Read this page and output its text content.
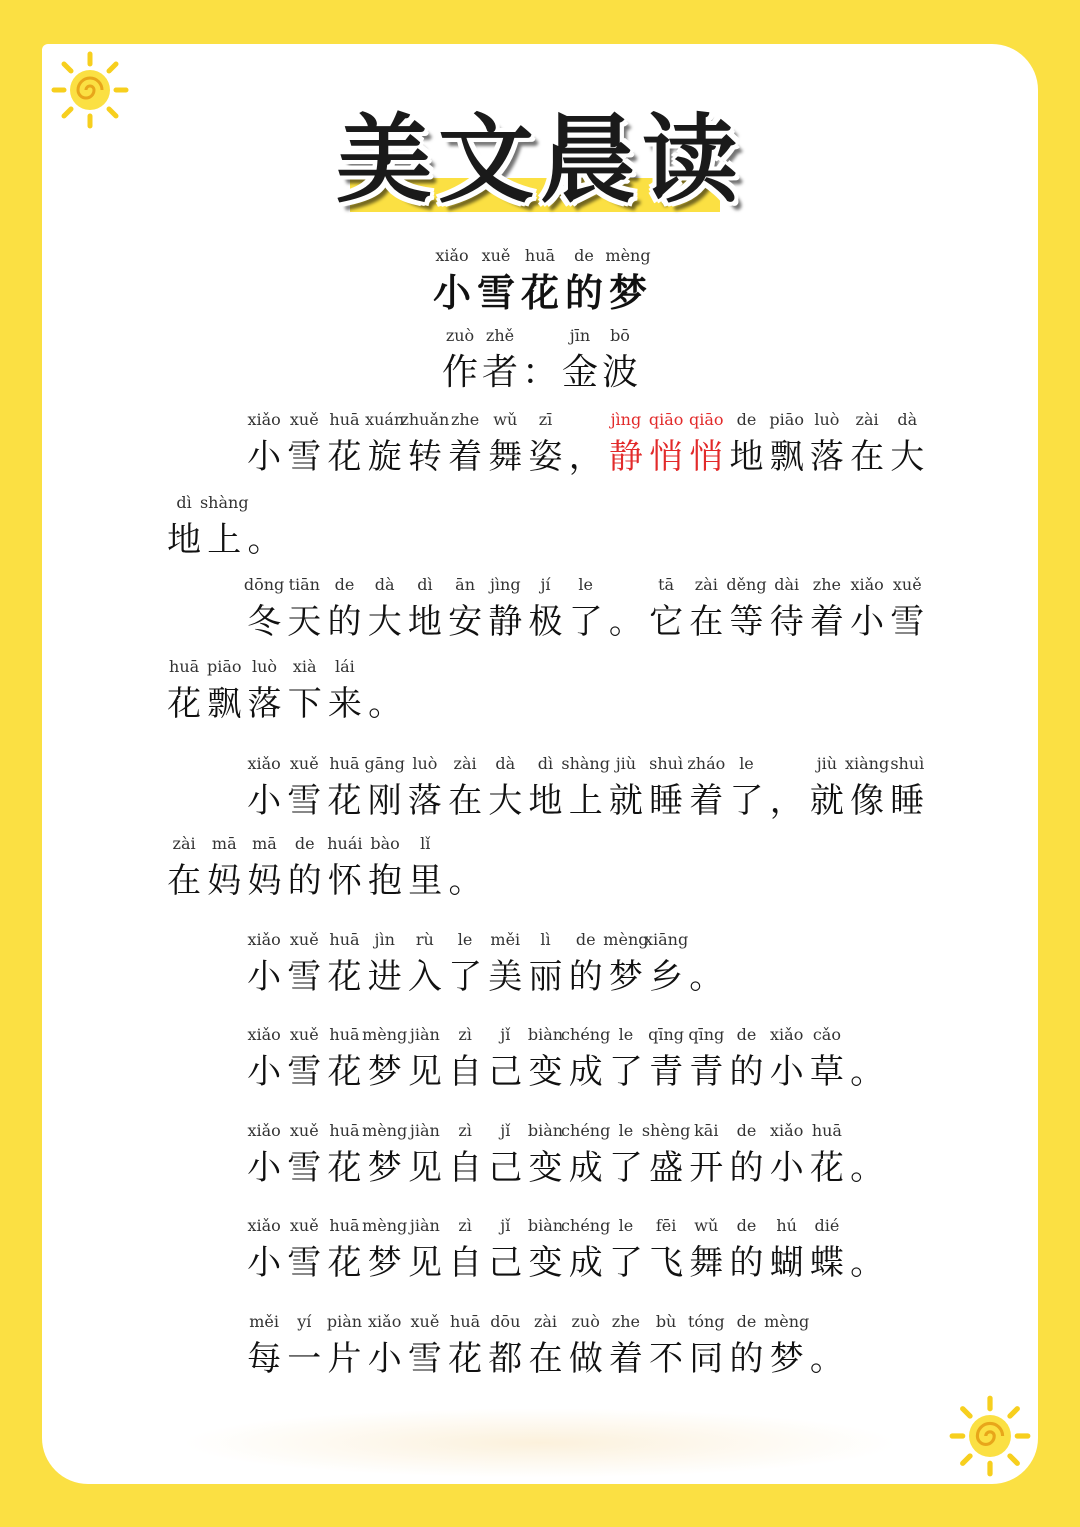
美文晨读
xiǎo
小
xuě
雪
huā
花
de
的
mèng
梦
zuò
作
zhě
者 ：
jīn
金
bō
波
xiǎo
小
xuě
雪
huā
花
xuán
旋
zhuǎn
转
zhe
着
wǔ
舞
zī
姿 ，
jìng
静
qiāo
悄
qiāo
悄
de
地
piāo
飘
luò
落
zài
在
dà
大
dì
地
shàng
上 。
dōng
冬
tiān
天
de
的
dà
大
dì
地
ān
安
jìng
静
jí
极
le
了 。
tā
它
zài
在
děng
等
dài
待
zhe
着
xiǎo
小
xuě
雪
huā
花
piāo
飘
luò
落
xià
下
lái
来 。
xiǎo
小
xuě
雪
huā
花
gāng
刚
luò
落
zài
在
dà
大
dì
地
shàng
上
jiù
就
shuì
睡
zháo
着
le
了 ，
jiù
就
xiàng
像
shuì
睡
zài
在
mā
妈
mā
妈
de
的
huái
怀
bào
抱
lǐ
里 。
xiǎo
小
xuě
雪
huā
花
jìn
进
rù
入
le
了
měi
美
lì
丽
de
的
mèng
梦
xiāng
乡 。
xiǎo
小
xuě
雪
huā
花
mèng
梦
jiàn
见
zì
自
jǐ
己
biàn
变
chéng
成
le
了
qīng
青
qīng
青
de
的
xiǎo
小
cǎo
草 。
xiǎo
小
xuě
雪
huā
花
mèng
梦
jiàn
见
zì
自
jǐ
己
biàn
变
chéng
成
le
了
shèng
盛
kāi
开
de
的
xiǎo
小
huā
花 。
xiǎo
小
xuě
雪
huā
花
mèng
梦
jiàn
见
zì
自
jǐ
己
biàn
变
chéng
成
le
了
fēi
飞
wǔ
舞
de
的
hú
蝴
dié
蝶 。
měi
每
yí
一
piàn
片
xiǎo
小
xuě
雪
huā
花
dōu
都
zài
在
zuò
做
zhe
着
bù
不
tóng
同
de
的
mèng
梦 。
